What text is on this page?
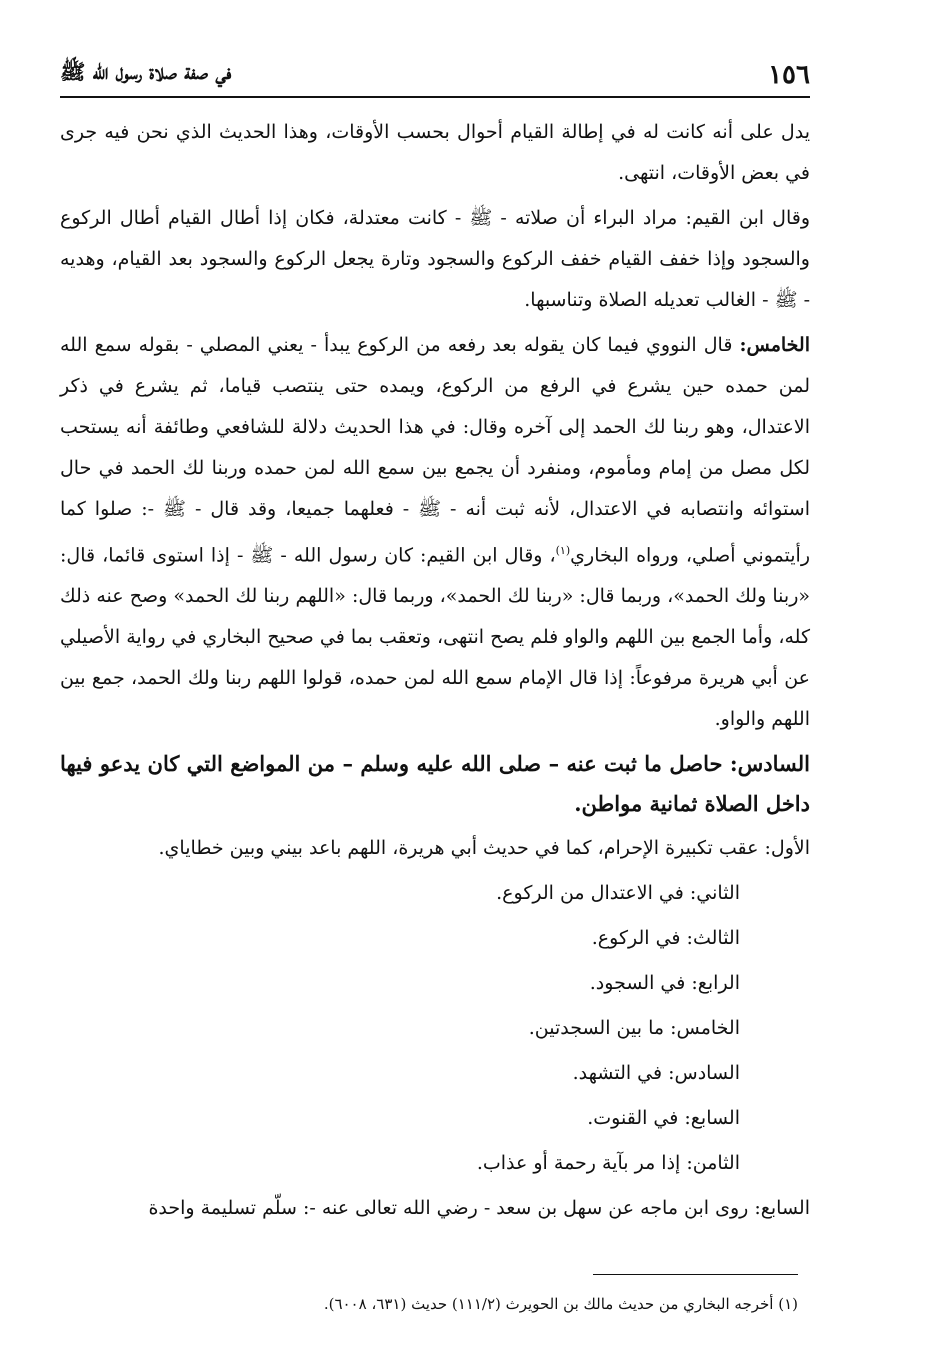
١٥٦
في صفة صلاة رسول الله ﷺ

يدل على أنه كانت له في إطالة القيام أحوال بحسب الأوقات، وهذا الحديث الذي نحن فيه جرى في بعض الأوقات، انتهى.

وقال ابن القيم: مراد البراء أن صلاته - ﷺ - كانت معتدلة، فكان إذا أطال القيام أطال الركوع والسجود وإذا خفف القيام خفف الركوع والسجود وتارة يجعل الركوع والسجود بعد القيام، وهديه - ﷺ - الغالب تعديله الصلاة وتناسبها.

الخامس: قال النووي فيما كان يقوله بعد رفعه من الركوع يبدأ - يعني المصلي - بقوله سمع الله لمن حمده حين يشرع في الرفع من الركوع، ويمده حتى ينتصب قياما، ثم يشرع في ذكر الاعتدال، وهو ربنا لك الحمد إلى آخره وقال: في هذا الحديث دلالة للشافعي وطائفة أنه يستحب لكل مصل من إمام ومأموم، ومنفرد أن يجمع بين سمع الله لمن حمده وربنا لك الحمد في حال استوائه وانتصابه في الاعتدال، لأنه ثبت أنه - ﷺ - فعلهما جميعا، وقد قال - ﷺ -: صلوا كما رأيتموني أصلي، ورواه البخاري$^{(١)}$، وقال ابن القيم: كان رسول الله - ﷺ - إذا استوى قائما، قال: «ربنا ولك الحمد»، وربما قال: «ربنا لك الحمد»، وربما قال: «اللهم ربنا لك الحمد» وصح عنه ذلك كله، وأما الجمع بين اللهم والواو فلم يصح انتهى، وتعقب بما في صحيح البخاري في رواية الأصيلي عن أبي هريرة مرفوعاً: إذا قال الإمام سمع الله لمن حمده، قولوا اللهم ربنا ولك الحمد، جمع بين اللهم والواو.

السادس: حاصل ما ثبت عنه – صلى الله عليه وسلم – من المواضع التي كان يدعو فيها داخل الصلاة ثمانية مواطن.

الأول: عقب تكبيرة الإحرام، كما في حديث أبي هريرة، اللهم باعد بيني وبين خطاياي.

الثاني: في الاعتدال من الركوع.

الثالث: في الركوع.

الرابع: في السجود.

الخامس: ما بين السجدتين.

السادس: في التشهد.

السابع: في القنوت.

الثامن: إذا مر بآية رحمة أو عذاب.

السابع: روى ابن ماجه عن سهل بن سعد - رضي الله تعالى عنه -: سلّم تسليمة واحدة

(١) أخرجه البخاري من حديث مالك بن الحويرث (١١١/٢) حديث (٦٣١، ٦٠٠٨).
